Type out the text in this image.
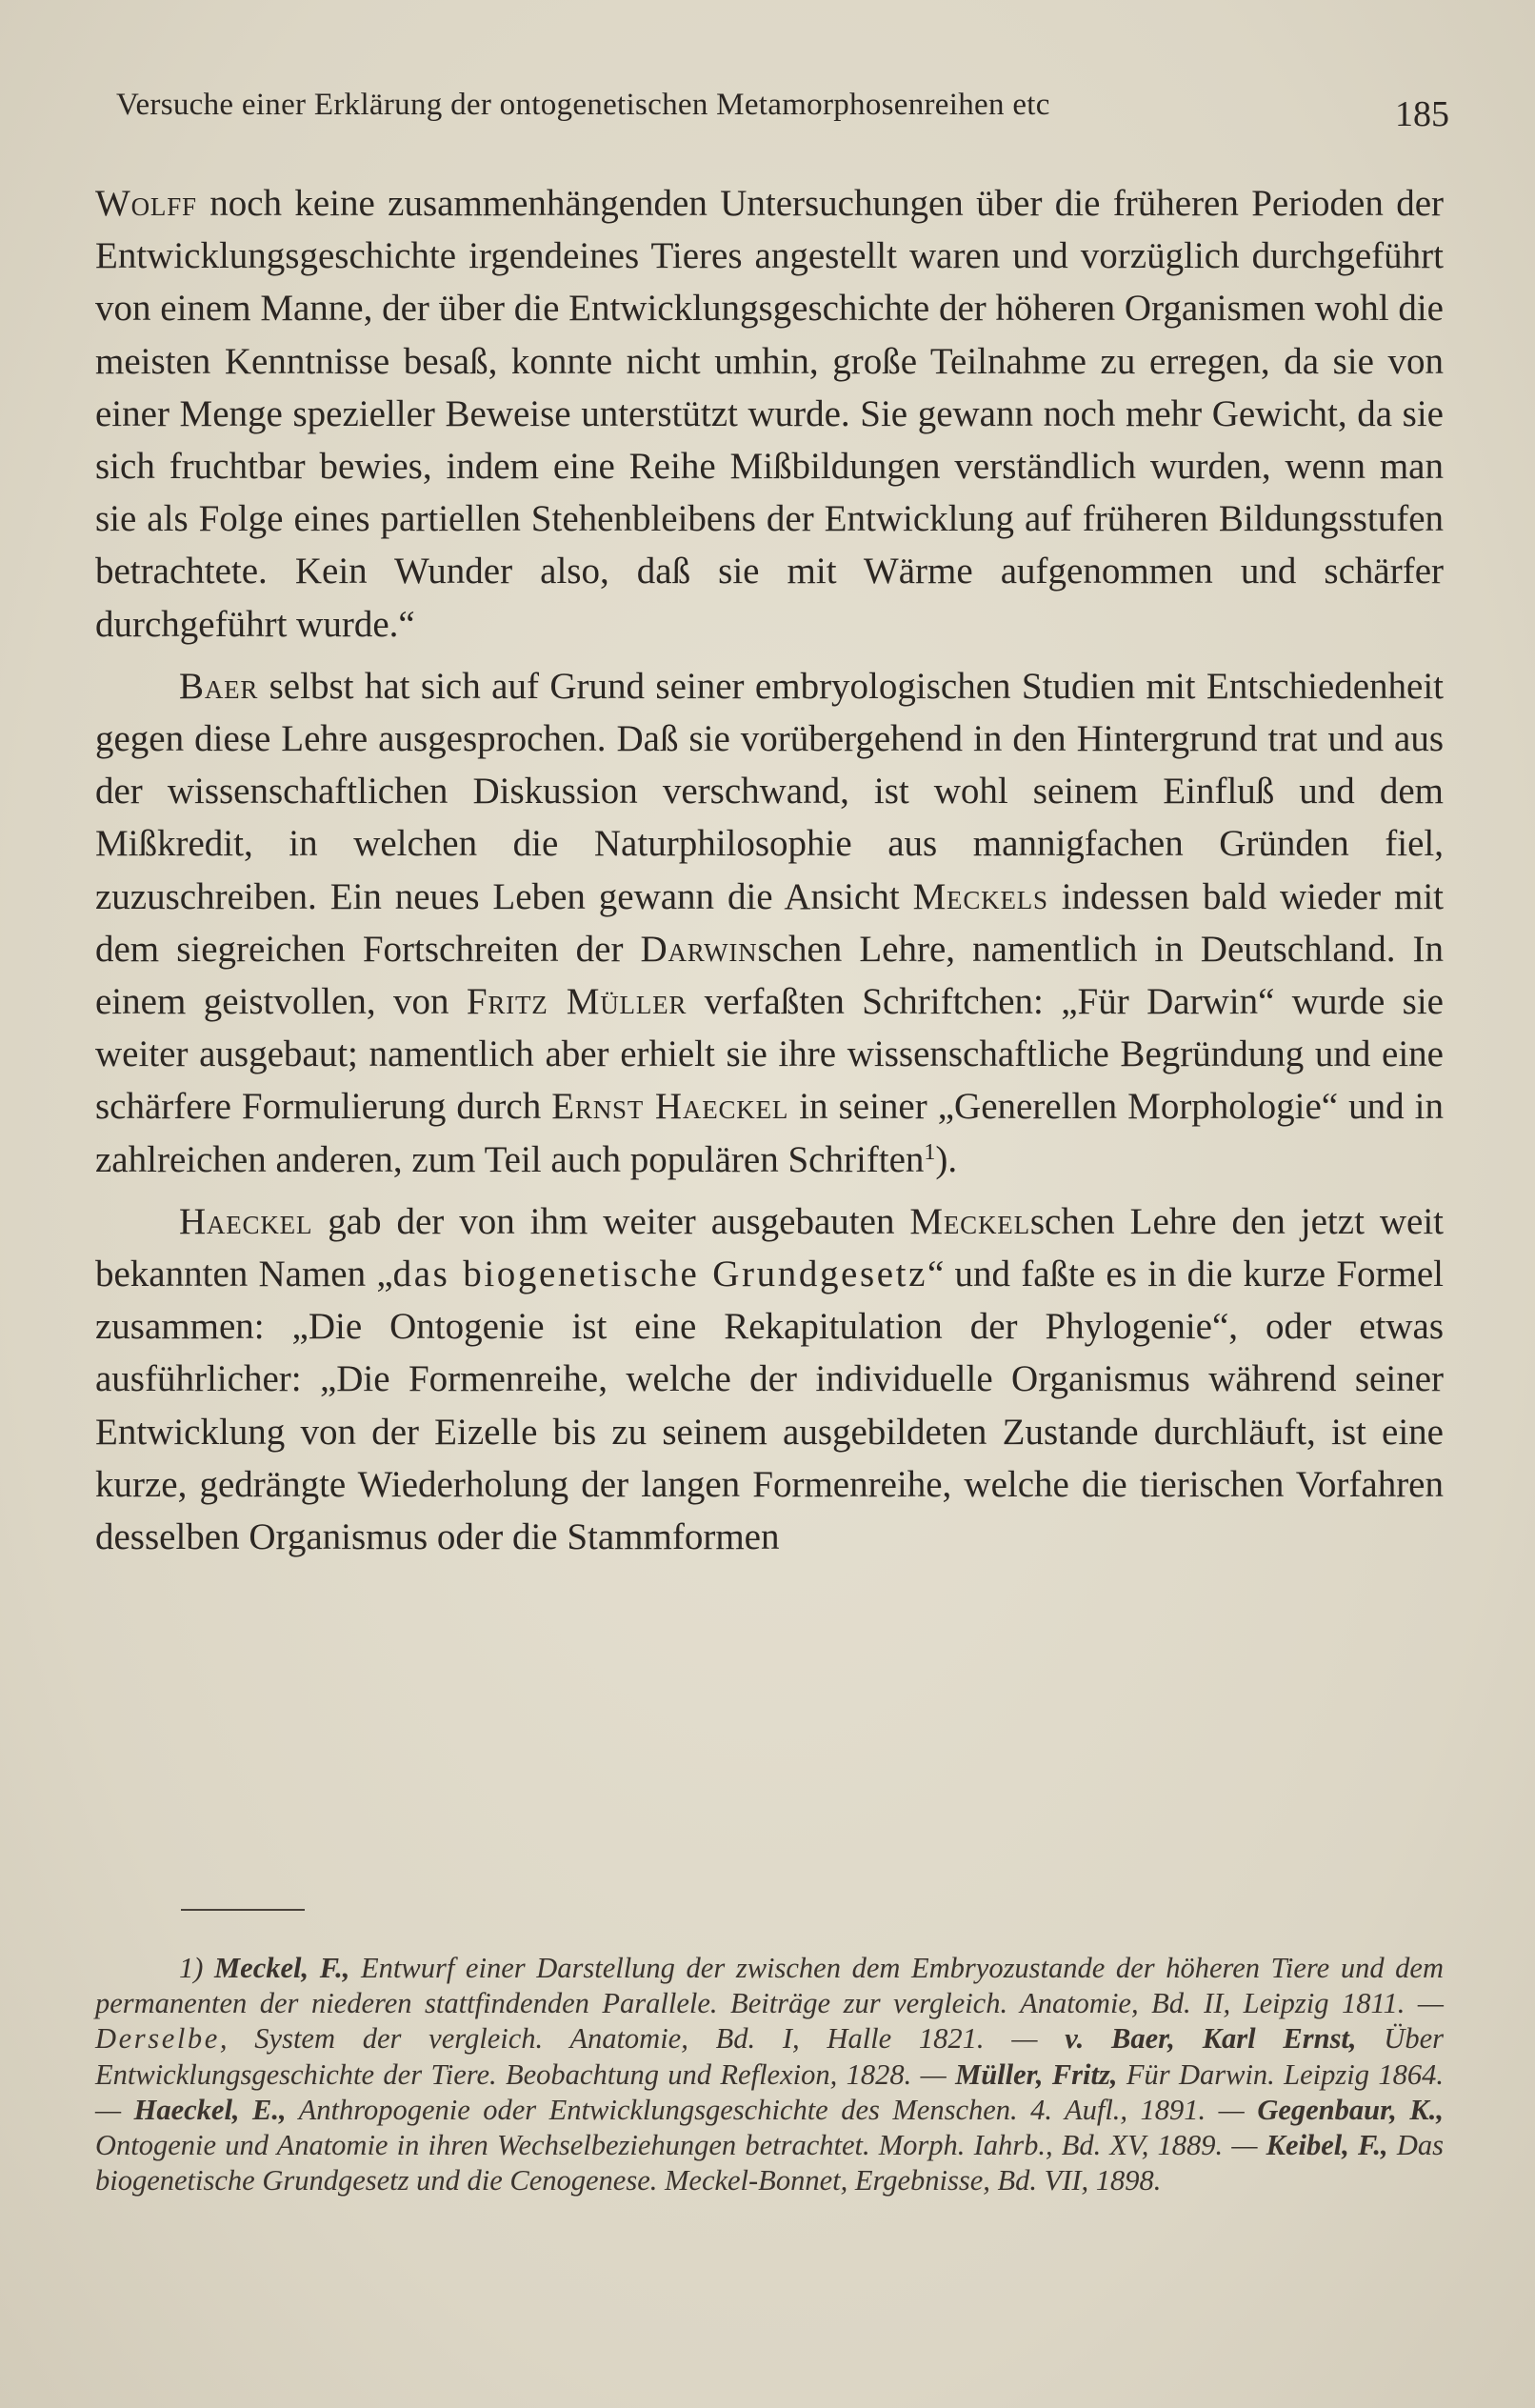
Versuche einer Erklärung der ontogenetischen Metamorphosenreihen etc	185

Wolff noch keine zusammenhängenden Untersuchungen über die früheren Perioden der Entwicklungsgeschichte irgendeines Tieres angestellt waren und vorzüglich durchgeführt von einem Manne, der über die Entwicklungsgeschichte der höheren Organismen wohl die meisten Kenntnisse besaß, konnte nicht umhin, große Teilnahme zu erregen, da sie von einer Menge spezieller Beweise unterstützt wurde. Sie gewann noch mehr Gewicht, da sie sich fruchtbar bewies, indem eine Reihe Mißbildungen verständlich wurden, wenn man sie als Folge eines partiellen Stehenbleibens der Entwicklung auf früheren Bildungsstufen betrachtete. Kein Wunder also, daß sie mit Wärme aufgenommen und schärfer durchgeführt wurde.“

Baer selbst hat sich auf Grund seiner embryologischen Studien mit Entschiedenheit gegen diese Lehre ausgesprochen. Daß sie vorübergehend in den Hintergrund trat und aus der wissenschaftlichen Diskussion verschwand, ist wohl seinem Einfluß und dem Mißkredit, in welchen die Naturphilosophie aus mannigfachen Gründen fiel, zuzuschreiben. Ein neues Leben gewann die Ansicht Meckels indessen bald wieder mit dem siegreichen Fortschreiten der Darwinschen Lehre, namentlich in Deutschland. In einem geistvollen, von Fritz Müller verfaßten Schriftchen: „Für Darwin“ wurde sie weiter ausgebaut; namentlich aber erhielt sie ihre wissenschaftliche Begründung und eine schärfere Formulierung durch Ernst Haeckel in seiner „Generellen Morphologie“ und in zahlreichen anderen, zum Teil auch populären Schriften$^1$).

Haeckel gab der von ihm weiter ausgebauten Meckelschen Lehre den jetzt weit bekannten Namen „das biogenetische Grundgesetz“ und faßte es in die kurze Formel zusammen: „Die Ontogenie ist eine Rekapitulation der Phylogenie“, oder etwas ausführlicher: „Die Formenreihe, welche der individuelle Organismus während seiner Entwicklung von der Eizelle bis zu seinem ausgebildeten Zustande durchläuft, ist eine kurze, gedrängte Wiederholung der langen Formenreihe, welche die tierischen Vorfahren desselben Organismus oder die Stammformen

1) Meckel, F., Entwurf einer Darstellung der zwischen dem Embryozustande der höheren Tiere und dem permanenten der niederen stattfindenden Parallele. Beiträge zur vergleich. Anatomie, Bd. II, Leipzig 1811. — Derselbe, System der vergleich. Anatomie, Bd. I, Halle 1821. — v. Baer, Karl Ernst, Über Entwicklungsgeschichte der Tiere. Beobachtung und Reflexion, 1828. — Müller, Fritz, Für Darwin. Leipzig 1864. — Haeckel, E., Anthropogenie oder Entwicklungsgeschichte des Menschen. 4. Aufl., 1891. — Gegenbaur, K., Ontogenie und Anatomie in ihren Wechselbeziehungen betrachtet. Morph. Iahrb., Bd. XV, 1889. — Keibel, F., Das biogenetische Grundgesetz und die Cenogenese. Meckel-Bonnet, Ergebnisse, Bd. VII, 1898.
